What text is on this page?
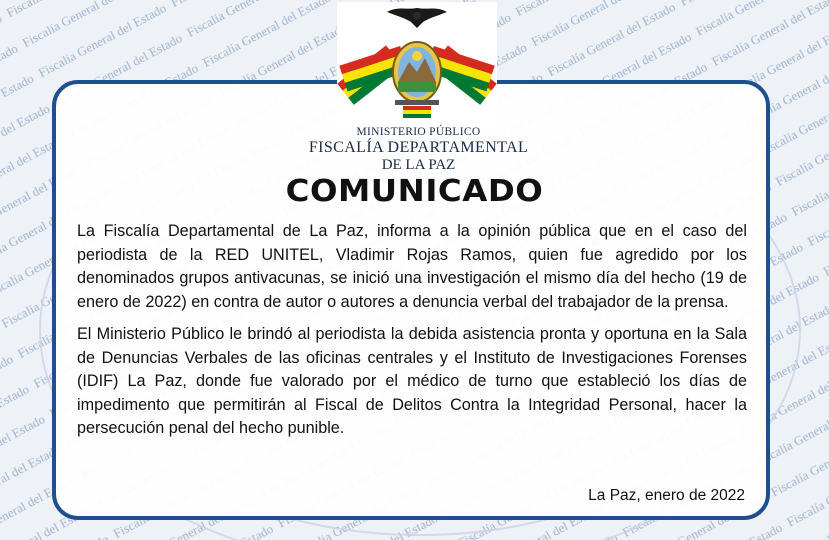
MINISTERIO PÚBLICO
FISCALÍA DEPARTAMENTAL
DE LA PAZ
COMUNICADO

La Fiscalía Departamental de La Paz, informa a la opinión pública que en el caso del periodista de la RED UNITEL, Vladimir Rojas Ramos, quien fue agredido por los denominados grupos antivacunas, se inició una investigación el mismo día del hecho (19 de enero de 2022) en contra de autor o autores a denuncia verbal del trabajador de la prensa.

El Ministerio Público le brindó al periodista la debida asistencia pronta y oportuna en la Sala de Denuncias Verbales de las oficinas centrales y el Instituto de Investigaciones Forenses (IDIF) La Paz, donde fue valorado por el médico de turno que estableció los días de impedimento que permitirán al Fiscal de Delitos Contra la Integridad Personal, hacer la persecución penal del hecho punible.

La Paz, enero de 2022
